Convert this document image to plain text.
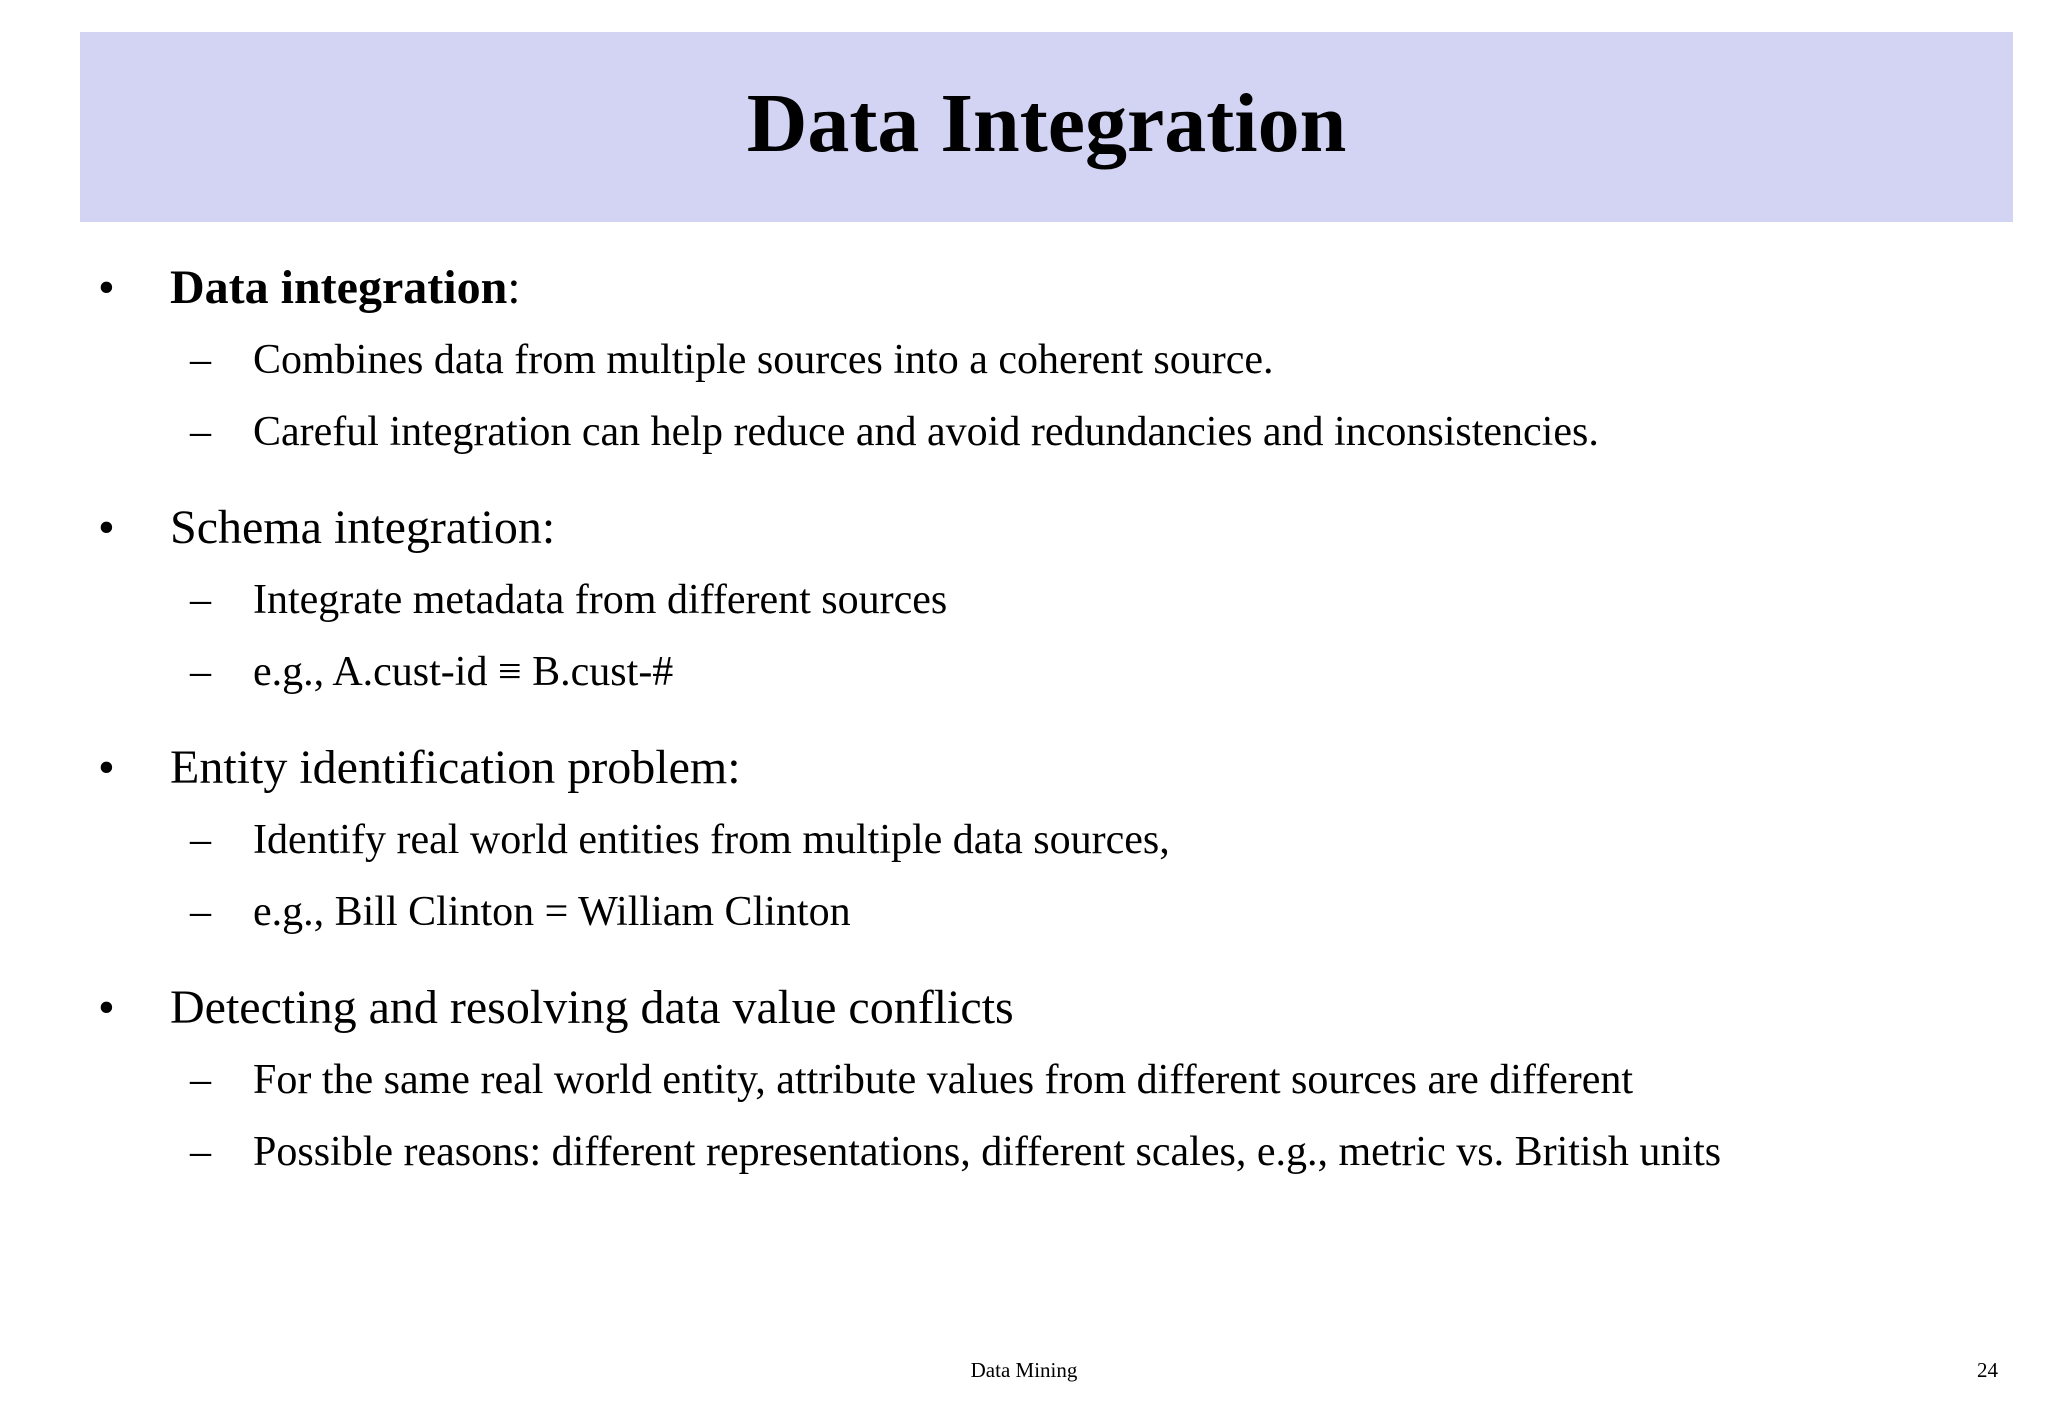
Data Integration
• Data integration:
– Combines data from multiple sources into a coherent source.
– Careful integration can help reduce and avoid redundancies and inconsistencies.
• Schema integration:
– Integrate metadata from different sources
– e.g., A.cust-id ≡ B.cust-#
• Entity identification problem:
– Identify real world entities from multiple data sources,
– e.g., Bill Clinton = William Clinton
• Detecting and resolving data value conflicts
– For the same real world entity, attribute values from different sources are different
– Possible reasons: different representations, different scales, e.g., metric vs. British units
Data Mining	24
